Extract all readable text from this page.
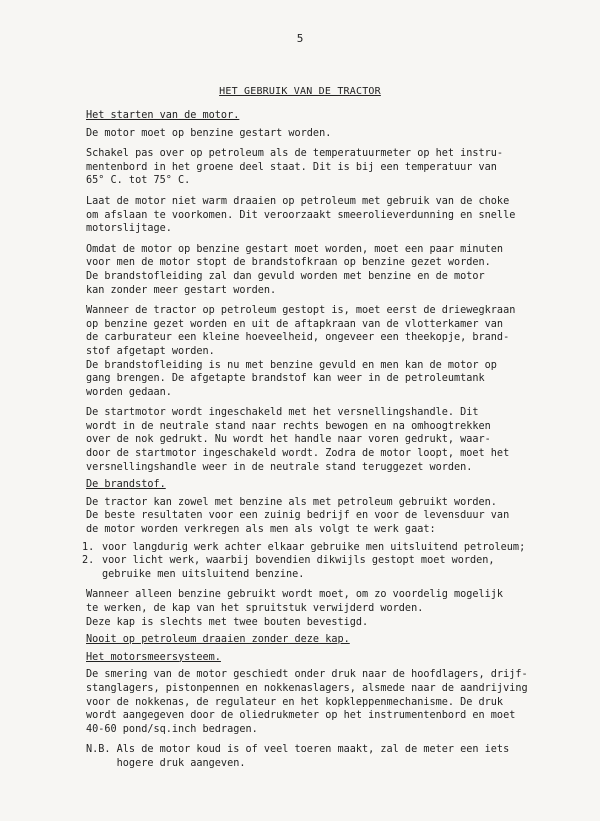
5
HET GEBRUIK VAN DE TRACTOR
Het starten van de motor.
De motor moet op benzine gestart worden.
Schakel pas over op petroleum als de temperatuurmeter op het instru-
mentenbord in het groene deel staat. Dit is bij een temperatuur van
65° C. tot 75° C.
Laat de motor niet warm draaien op petroleum met gebruik van de choke
om afslaan te voorkomen. Dit veroorzaakt smeerolieverdunning en snelle
motorslijtage.
Omdat de motor op benzine gestart moet worden, moet een paar minuten
voor men de motor stopt de brandstofkraan op benzine gezet worden.
De brandstofleiding zal dan gevuld worden met benzine en de motor
kan zonder meer gestart worden.
Wanneer de tractor op petroleum gestopt is, moet eerst de driewegkraan
op benzine gezet worden en uit de aftapkraan van de vlotterkamer van
de carburateur een kleine hoeveelheid, ongeveer een theekopje, brand-
stof afgetapt worden.
De brandstofleiding is nu met benzine gevuld en men kan de motor op
gang brengen. De afgetapte brandstof kan weer in de petroleumtank
worden gedaan.
De startmotor wordt ingeschakeld met het versnellingshandle. Dit
wordt in de neutrale stand naar rechts bewogen en na omhoogtrekken
over de nok gedrukt. Nu wordt het handle naar voren gedrukt, waar-
door de startmotor ingeschakeld wordt. Zodra de motor loopt, moet het
versnellingshandle weer in de neutrale stand teruggezet worden.
De brandstof.
De tractor kan zowel met benzine als met petroleum gebruikt worden.
De beste resultaten voor een zuinig bedrijf en voor de levensduur van
de motor worden verkregen als men als volgt te werk gaat:
1. voor langdurig werk achter elkaar gebruike men uitsluitend petroleum;
2. voor licht werk, waarbij bovendien dikwijls gestopt moet worden,
gebruike men uitsluitend benzine.
Wanneer alleen benzine gebruikt wordt moet, om zo voordelig mogelijk
te werken, de kap van het spruitstuk verwijderd worden.
Deze kap is slechts met twee bouten bevestigd.
Nooit op petroleum draaien zonder deze kap.
Het motorsmeersysteem.
De smering van de motor geschiedt onder druk naar de hoofdlagers, drijf-
stanglagers, pistonpennen en nokkenaslagers, alsmede naar de aandrijving
voor de nokkenas, de regulateur en het kopkleppenmechanisme. De druk
wordt aangegeven door de oliedrukmeter op het instrumentenbord en moet
40-60 pond/sq.inch bedragen.
N.B. Als de motor koud is of veel toeren maakt, zal de meter een iets
hogere druk aangeven.
